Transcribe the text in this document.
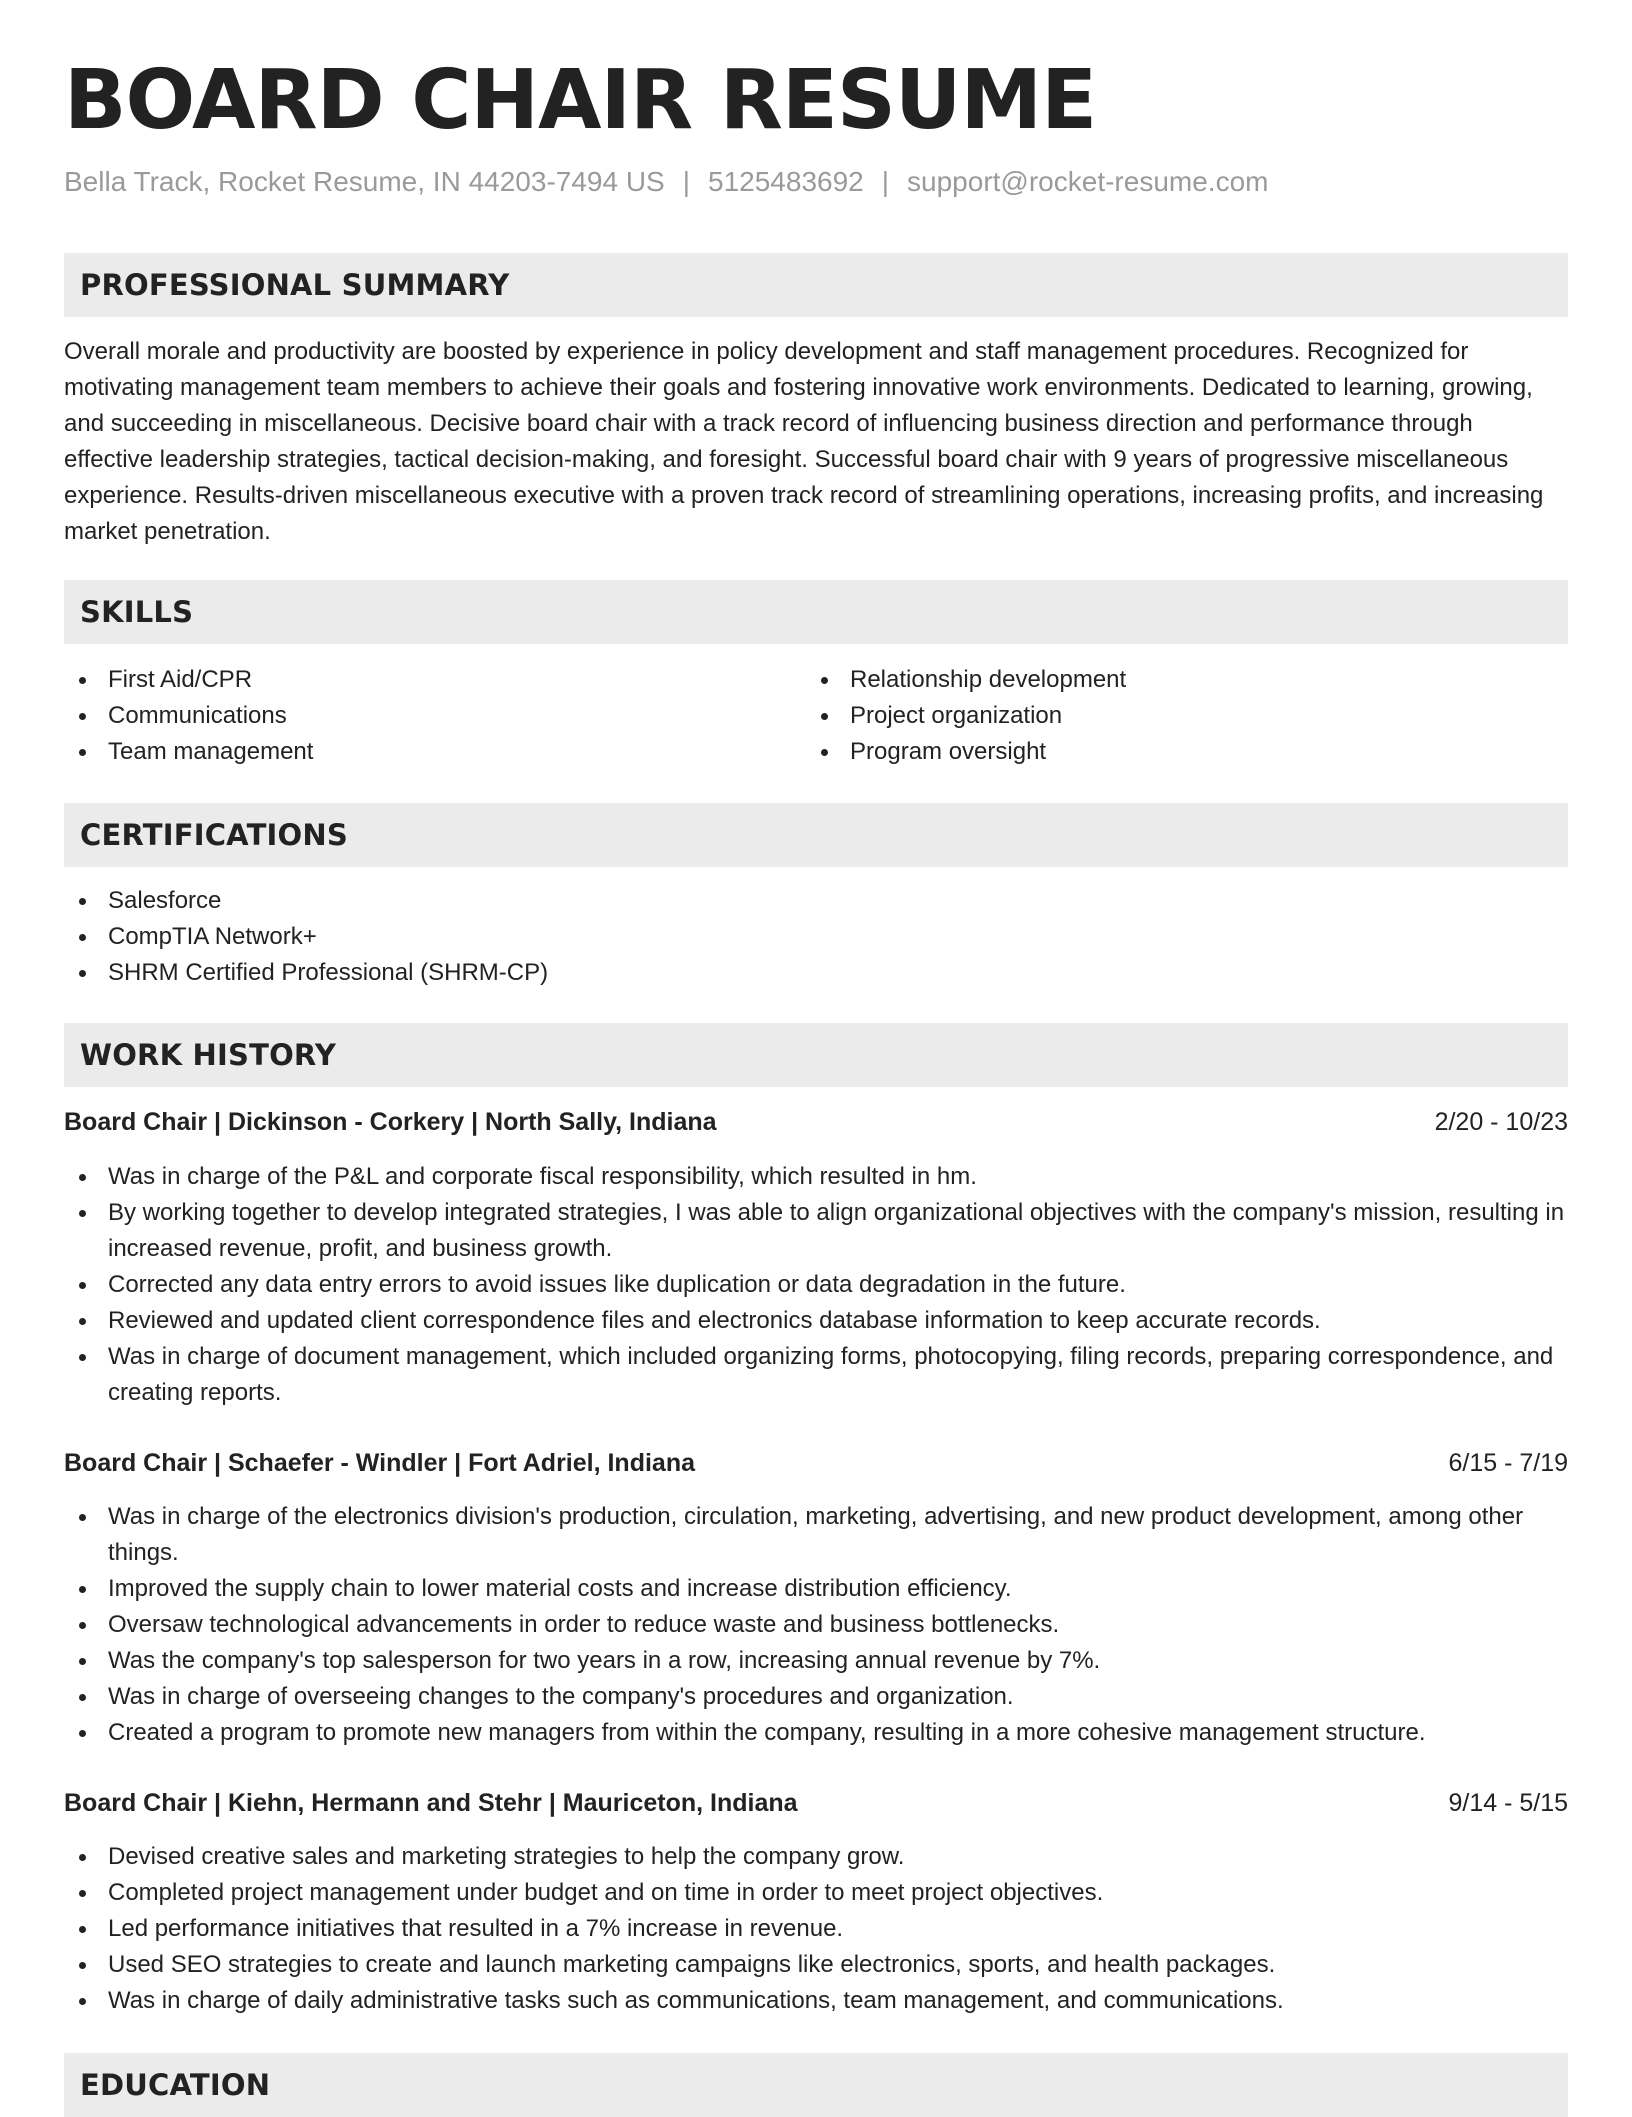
BOARD CHAIR RESUME
Bella Track, Rocket Resume, IN 44203-7494 US | 5125483692 | support@rocket-resume.com
PROFESSIONAL SUMMARY

Overall morale and productivity are boosted by experience in policy development and staff management procedures. Recognized for motivating management team members to achieve their goals and fostering innovative work environments. Dedicated to learning, growing, and succeeding in miscellaneous. Decisive board chair with a track record of influencing business direction and performance through effective leadership strategies, tactical decision-making, and foresight. Successful board chair with 9 years of progressive miscellaneous experience. Results-driven miscellaneous executive with a proven track record of streamlining operations, increasing profits, and increasing market penetration.

SKILLS
First Aid/CPR
Communications
Team management
Relationship development
Project organization
Program oversight
CERTIFICATIONS
Salesforce
CompTIA Network+
SHRM Certified Professional (SHRM-CP)
WORK HISTORY
Board Chair | Dickinson - Corkery | North Sally, Indiana	2/20 - 10/23
Was in charge of the P&L and corporate fiscal responsibility, which resulted in hm.
By working together to develop integrated strategies, I was able to align organizational objectives with the company's mission, resulting in increased revenue, profit, and business growth.
Corrected any data entry errors to avoid issues like duplication or data degradation in the future.
Reviewed and updated client correspondence files and electronics database information to keep accurate records.
Was in charge of document management, which included organizing forms, photocopying, filing records, preparing correspondence, and creating reports.
Board Chair | Schaefer - Windler | Fort Adriel, Indiana	6/15 - 7/19
Was in charge of the electronics division's production, circulation, marketing, advertising, and new product development, among other things.
Improved the supply chain to lower material costs and increase distribution efficiency.
Oversaw technological advancements in order to reduce waste and business bottlenecks.
Was the company's top salesperson for two years in a row, increasing annual revenue by 7%.
Was in charge of overseeing changes to the company's procedures and organization.
Created a program to promote new managers from within the company, resulting in a more cohesive management structure.
Board Chair | Kiehn, Hermann and Stehr | Mauriceton, Indiana	9/14 - 5/15
Devised creative sales and marketing strategies to help the company grow.
Completed project management under budget and on time in order to meet project objectives.
Led performance initiatives that resulted in a 7% increase in revenue.
Used SEO strategies to create and launch marketing campaigns like electronics, sports, and health packages.
Was in charge of daily administrative tasks such as communications, team management, and communications.
EDUCATION
